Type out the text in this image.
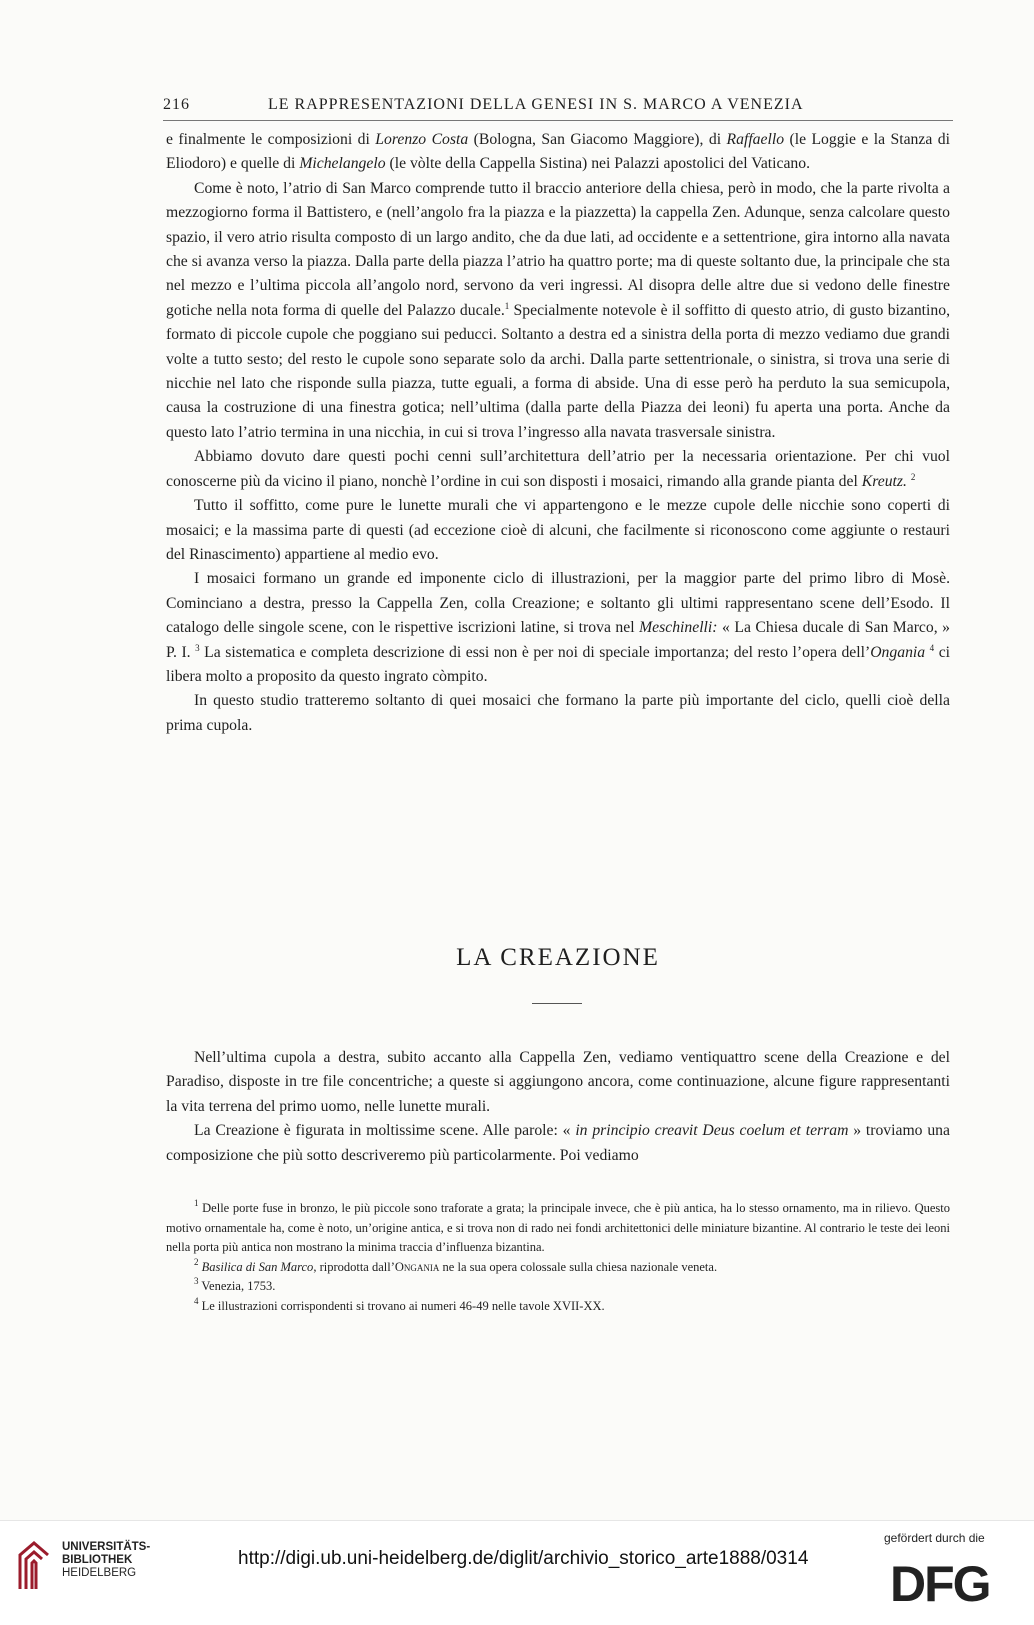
216	LE RAPPRESENTAZIONI DELLA GENESI IN S. MARCO A VENEZIA

e finalmente le composizioni di Lorenzo Costa (Bologna, San Giacomo Maggiore), di Raffaello (le Loggie e la Stanza di Eliodoro) e quelle di Michelangelo (le vòlte della Cappella Sistina) nei Palazzi apostolici del Vaticano.

Come è noto, l’atrio di San Marco comprende tutto il braccio anteriore della chiesa, però in modo, che la parte rivolta a mezzogiorno forma il Battistero, e (nell’angolo fra la piazza e la piazzetta) la cappella Zen. Adunque, senza calcolare questo spazio, il vero atrio risulta composto di un largo andito, che da due lati, ad occidente e a settentrione, gira intorno alla navata che si avanza verso la piazza. Dalla parte della piazza l’atrio ha quattro porte; ma di queste soltanto due, la principale che sta nel mezzo e l’ultima piccola all’angolo nord, servono da veri ingressi. Al disopra delle altre due si vedono delle finestre gotiche nella nota forma di quelle del Palazzo ducale.$^1$ Specialmente notevole è il soffitto di questo atrio, di gusto bizantino, formato di piccole cupole che poggiano sui peducci. Soltanto a destra ed a sinistra della porta di mezzo vediamo due grandi volte a tutto sesto; del resto le cupole sono separate solo da archi. Dalla parte settentrionale, o sinistra, si trova una serie di nicchie nel lato che risponde sulla piazza, tutte eguali, a forma di abside. Una di esse però ha perduto la sua semicupola, causa la costruzione di una finestra gotica; nell’ultima (dalla parte della Piazza dei leoni) fu aperta una porta. Anche da questo lato l’atrio termina in una nicchia, in cui si trova l’ingresso alla navata trasversale sinistra.

Abbiamo dovuto dare questi pochi cenni sull’architettura dell’atrio per la necessaria orientazione. Per chi vuol conoscerne più da vicino il piano, nonchè l’ordine in cui son disposti i mosaici, rimando alla grande pianta del Kreutz. $^2$

Tutto il soffitto, come pure le lunette murali che vi appartengono e le mezze cupole delle nicchie sono coperti di mosaici; e la massima parte di questi (ad eccezione cioè di alcuni, che facilmente si riconoscono come aggiunte o restauri del Rinascimento) appartiene al medio evo.

I mosaici formano un grande ed imponente ciclo di illustrazioni, per la maggior parte del primo libro di Mosè. Cominciano a destra, presso la Cappella Zen, colla Creazione; e soltanto gli ultimi rappresentano scene dell’Esodo. Il catalogo delle singole scene, con le rispettive iscrizioni latine, si trova nel Meschinelli: « La Chiesa ducale di San Marco, » P. I. $^3$ La sistematica e completa descrizione di essi non è per noi di speciale importanza; del resto l’opera dell’Ongania $^4$ ci libera molto a proposito da questo ingrato còmpito.

In questo studio tratteremo soltanto di quei mosaici che formano la parte più importante del ciclo, quelli cioè della prima cupola.

LA CREAZIONE

Nell’ultima cupola a destra, subito accanto alla Cappella Zen, vediamo ventiquattro scene della Creazione e del Paradiso, disposte in tre file concentriche; a queste si aggiungono ancora, come continuazione, alcune figure rappresentanti la vita terrena del primo uomo, nelle lunette murali.

La Creazione è figurata in moltissime scene. Alle parole: « in principio creavit Deus coelum et terram » troviamo una composizione che più sotto descriveremo più particolarmente. Poi vediamo

$^1$ Delle porte fuse in bronzo, le più piccole sono traforate a grata; la principale invece, che è più antica, ha lo stesso ornamento, ma in rilievo. Questo motivo ornamentale ha, come è noto, un’origine antica, e si trova non di rado nei fondi architettonici delle miniature bizantine. Al contrario le teste dei leoni nella porta più antica non mostrano la minima traccia d’influenza bizantina.

$^2$ Basilica di San Marco, riprodotta dall’Ongania ne la sua opera colossale sulla chiesa nazionale veneta.

$^3$ Venezia, 1753.

$^4$ Le illustrazioni corrispondenti si trovano ai numeri 46-49 nelle tavole XVII-XX.

UNIVERSITÄTS-
BIBLIOTHEK
HEIDELBERG
http://digi.ub.uni-heidelberg.de/diglit/archivio_storico_arte1888/0314
gefördert durch die
DFG
